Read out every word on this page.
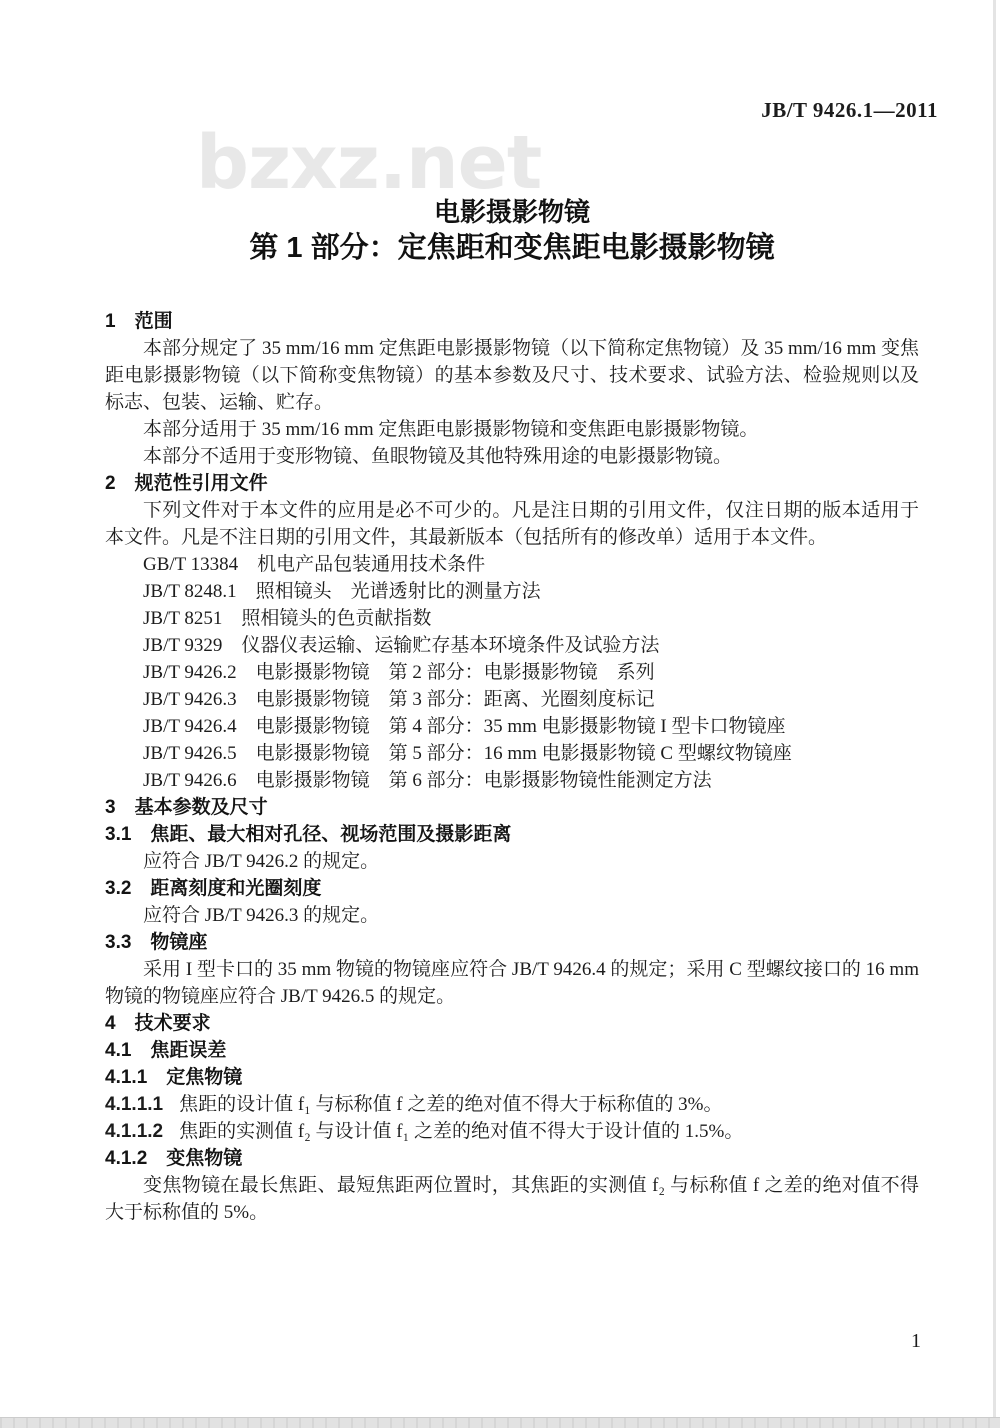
JB/T 9426.1—2011
bzxz.net
电影摄影物镜
第 1 部分：定焦距和变焦距电影摄影物镜

1　范围

本部分规定了 35 mm/16 mm 定焦距电影摄影物镜（以下简称定焦物镜）及 35 mm/16 mm 变焦距电影摄影物镜（以下简称变焦物镜）的基本参数及尺寸、技术要求、试验方法、检验规则以及标志、包装、运输、贮存。

本部分适用于 35 mm/16 mm 定焦距电影摄影物镜和变焦距电影摄影物镜。

本部分不适用于变形物镜、鱼眼物镜及其他特殊用途的电影摄影物镜。

2　规范性引用文件

下列文件对于本文件的应用是必不可少的。凡是注日期的引用文件，仅注日期的版本适用于本文件。凡是不注日期的引用文件，其最新版本（包括所有的修改单）适用于本文件。

GB/T 13384　机电产品包装通用技术条件

JB/T 8248.1　照相镜头　光谱透射比的测量方法

JB/T 8251　照相镜头的色贡献指数

JB/T 9329　仪器仪表运输、运输贮存基本环境条件及试验方法

JB/T 9426.2　电影摄影物镜　第 2 部分：电影摄影物镜　系列

JB/T 9426.3　电影摄影物镜　第 3 部分：距离、光圈刻度标记

JB/T 9426.4　电影摄影物镜　第 4 部分：35 mm 电影摄影物镜 I 型卡口物镜座

JB/T 9426.5　电影摄影物镜　第 5 部分：16 mm 电影摄影物镜 C 型螺纹物镜座

JB/T 9426.6　电影摄影物镜　第 6 部分：电影摄影物镜性能测定方法

3　基本参数及尺寸

3.1　焦距、最大相对孔径、视场范围及摄影距离

应符合 JB/T 9426.2 的规定。

3.2　距离刻度和光圈刻度

应符合 JB/T 9426.3 的规定。

3.3　物镜座

采用 I 型卡口的 35 mm 物镜的物镜座应符合 JB/T 9426.4 的规定；采用 C 型螺纹接口的 16 mm 物镜的物镜座应符合 JB/T 9426.5 的规定。

4　技术要求

4.1　焦距误差

4.1.1　定焦物镜

4.1.1.1 焦距的设计值 f₁ 与标称值 f 之差的绝对值不得大于标称值的 3%。

4.1.1.2 焦距的实测值 f₂ 与设计值 f₁ 之差的绝对值不得大于设计值的 1.5%。

4.1.2　变焦物镜

变焦物镜在最长焦距、最短焦距两位置时，其焦距的实测值 f₂ 与标称值 f 之差的绝对值不得大于标称值的 5%。

1
